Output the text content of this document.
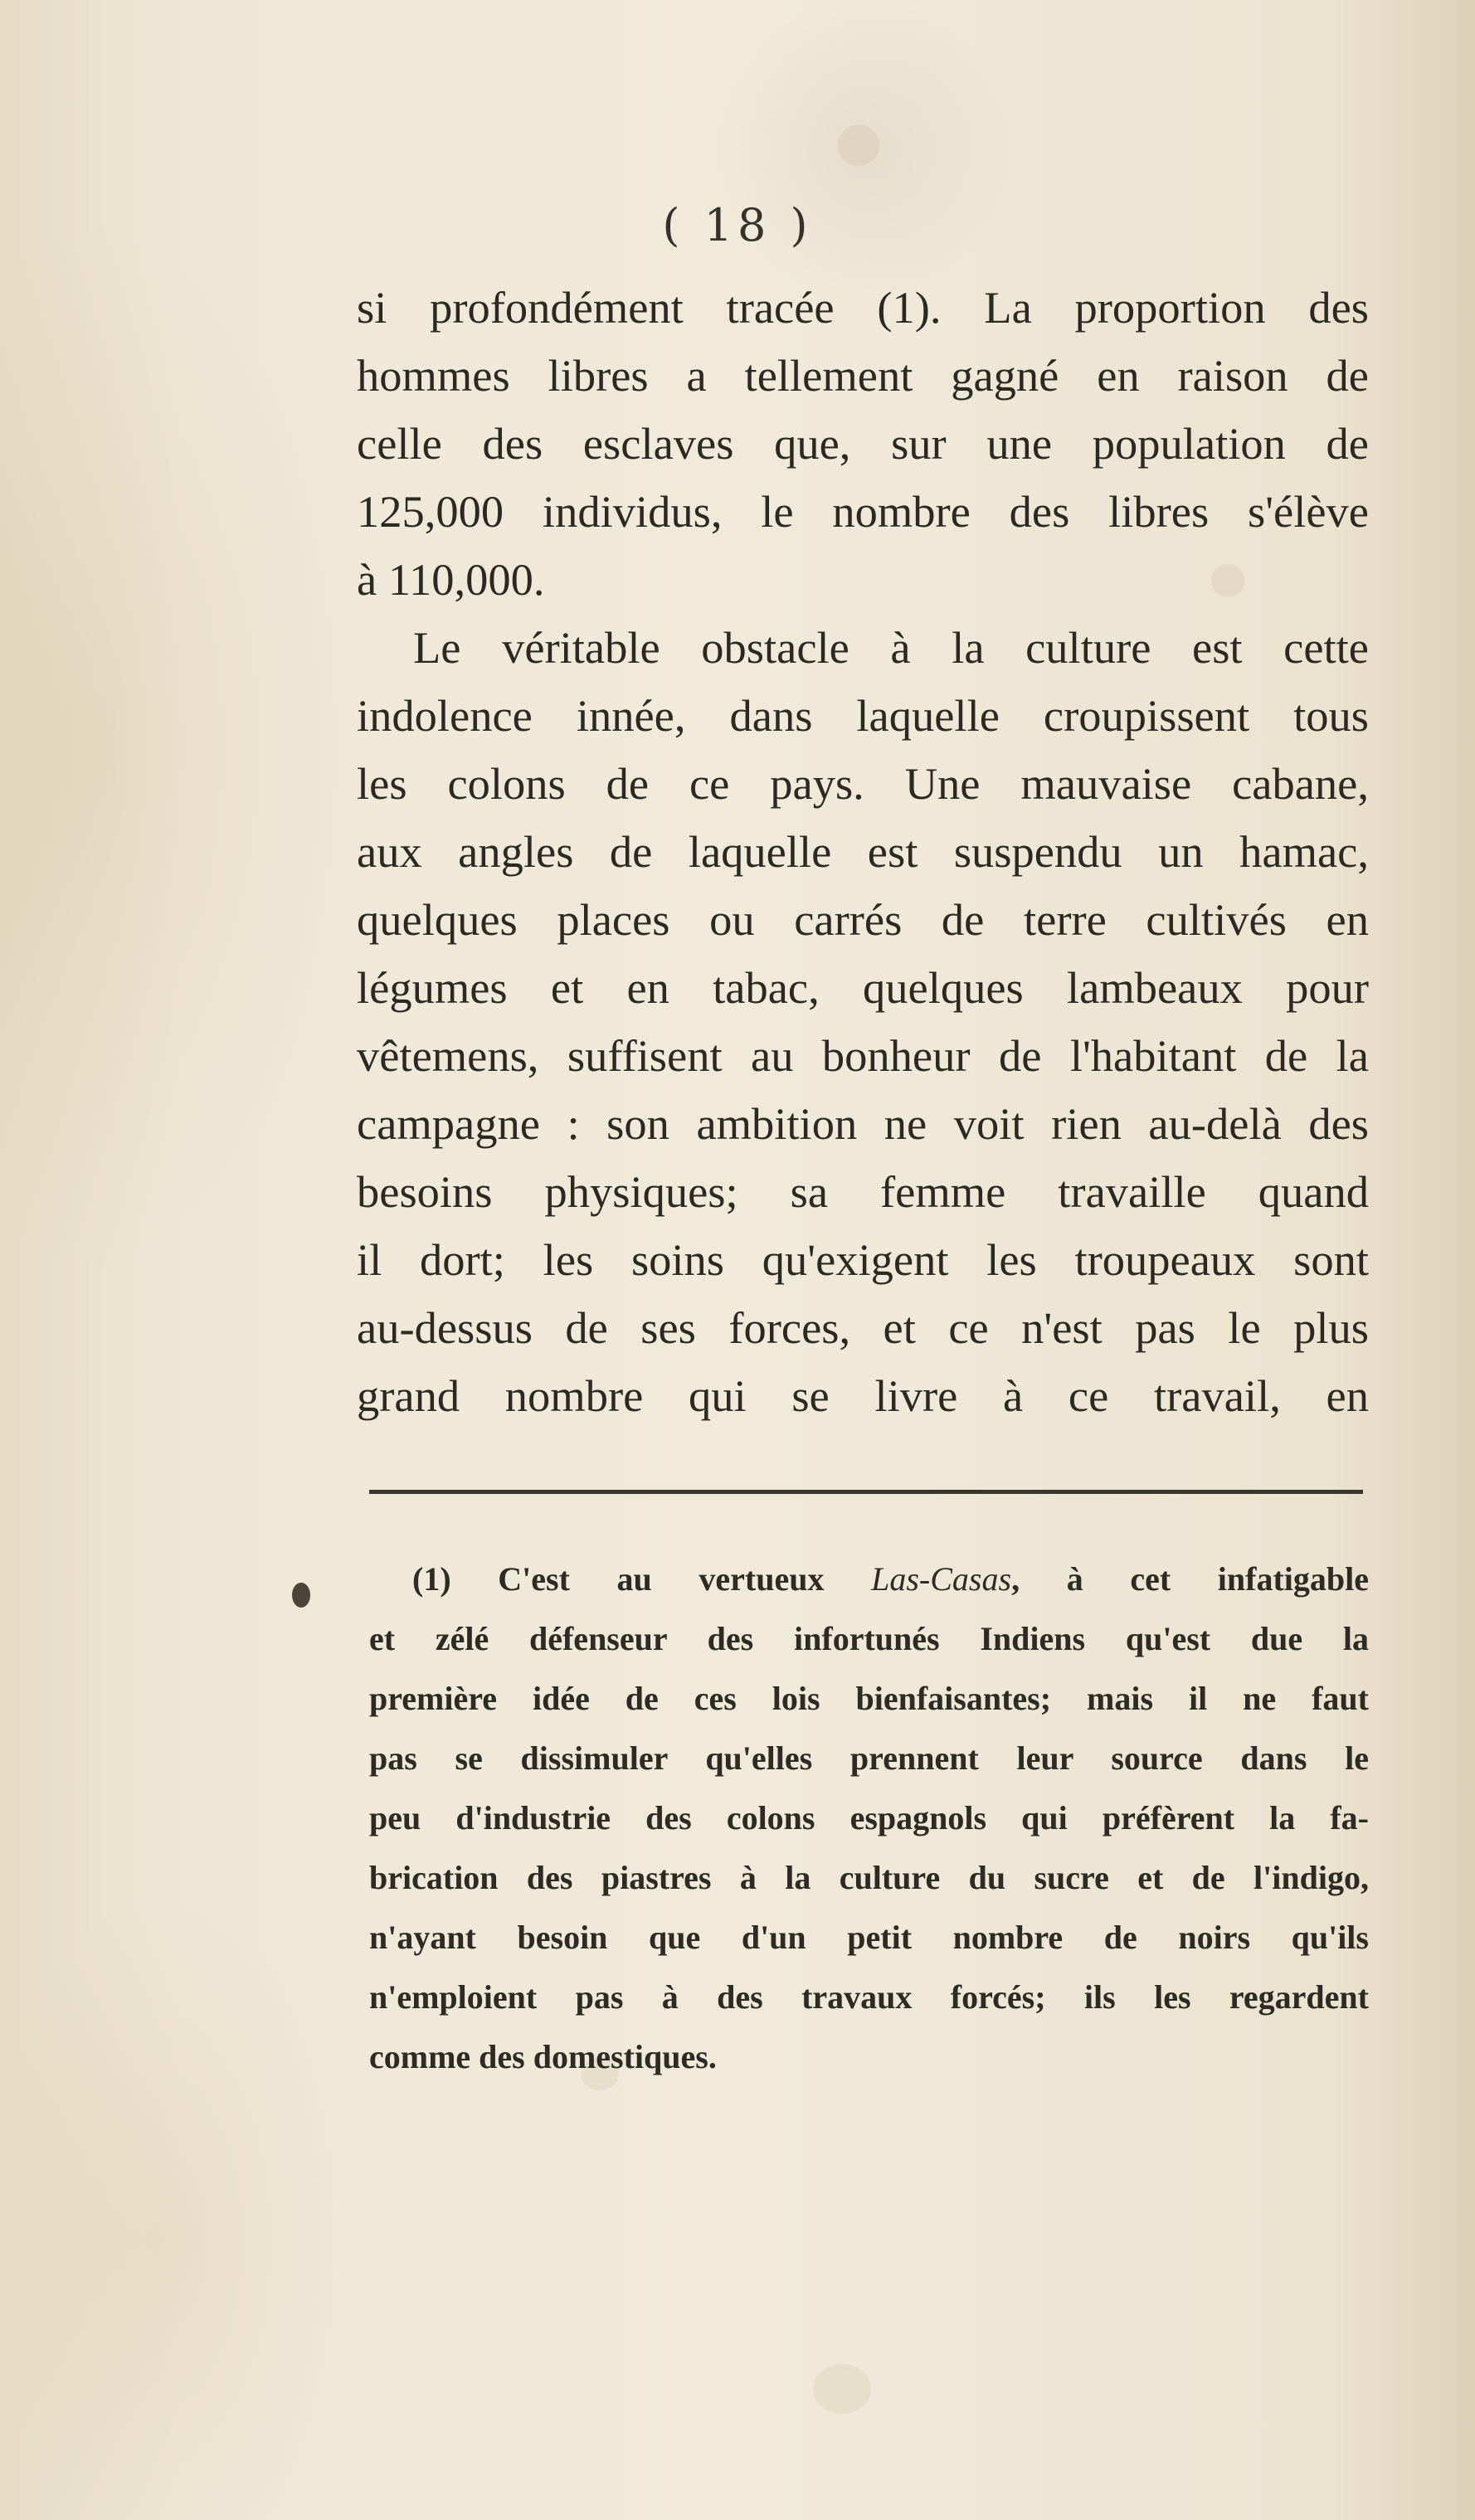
( 18 )
si profondément tracée (1). La proportion des
hommes libres a tellement gagné en raison de
celle des esclaves que, sur une population de
125,000 individus, le nombre des libres s'élève
à 110,000.
Le véritable obstacle à la culture est cette
indolence innée, dans laquelle croupissent tous
les colons de ce pays. Une mauvaise cabane,
aux angles de laquelle est suspendu un hamac,
quelques places ou carrés de terre cultivés en
légumes et en tabac, quelques lambeaux pour
vêtemens, suffisent au bonheur de l'habitant de la
campagne : son ambition ne voit rien au-delà des
besoins physiques; sa femme travaille quand
il dort; les soins qu'exigent les troupeaux sont
au-dessus de ses forces, et ce n'est pas le plus
grand nombre qui se livre à ce travail, en
(1) C'est au vertueux Las-Casas, à cet infatigable
et zélé défenseur des infortunés Indiens qu'est due la
première idée de ces lois bienfaisantes; mais il ne faut
pas se dissimuler qu'elles prennent leur source dans le
peu d'industrie des colons espagnols qui préfèrent la fa-
brication des piastres à la culture du sucre et de l'indigo,
n'ayant besoin que d'un petit nombre de noirs qu'ils
n'emploient pas à des travaux forcés; ils les regardent
comme des domestiques.
